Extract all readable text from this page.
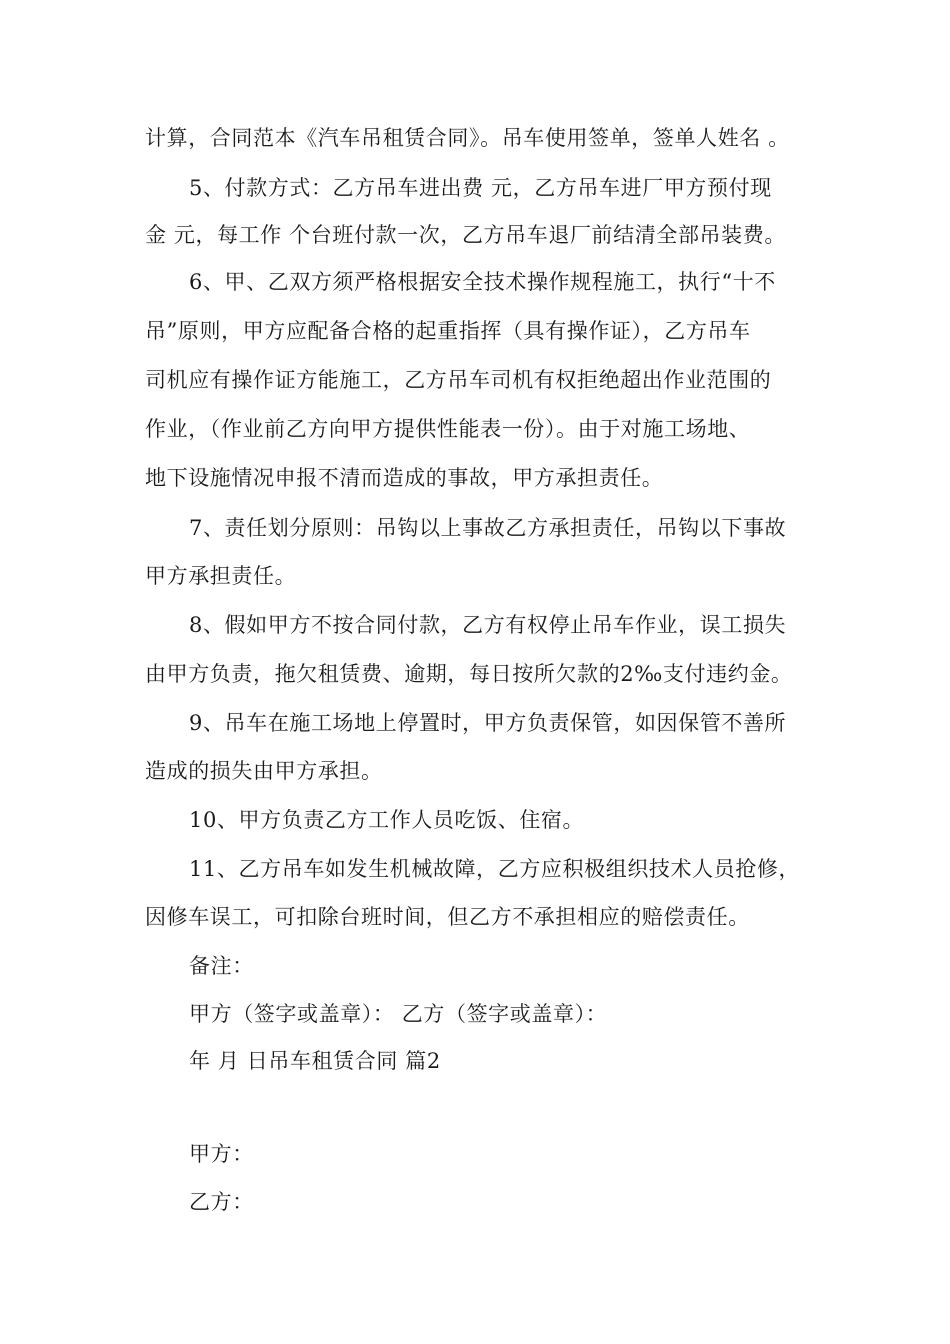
计算，合同范本《汽车吊租赁合同》。吊车使用签单，签单人姓名 。
5、付款方式：乙方吊车进出费 元，乙方吊车进厂甲方预付现
金 元，每工作 个台班付款一次，乙方吊车退厂前结清全部吊装费。
6、甲、乙双方须严格根据安全技术操作规程施工，执行“十不
吊”原则，甲方应配备合格的起重指挥（具有操作证），乙方吊车
司机应有操作证方能施工，乙方吊车司机有权拒绝超出作业范围的
作业，（作业前乙方向甲方提供性能表一份）。由于对施工场地、
地下设施情况申报不清而造成的事故，甲方承担责任。
7、责任划分原则：吊钩以上事故乙方承担责任，吊钩以下事故
甲方承担责任。
8、假如甲方不按合同付款，乙方有权停止吊车作业，误工损失
由甲方负责，拖欠租赁费、逾期，每日按所欠款的2‰支付违约金。
9、吊车在施工场地上停置时，甲方负责保管，如因保管不善所
造成的损失由甲方承担。
10、甲方负责乙方工作人员吃饭、住宿。
11、乙方吊车如发生机械故障，乙方应积极组织技术人员抢修，
因修车误工，可扣除台班时间，但乙方不承担相应的赔偿责任。
备注：
甲方（签字或盖章）： 乙方（签字或盖章）：
年 月 日吊车租赁合同 篇2
甲方：
乙方：
